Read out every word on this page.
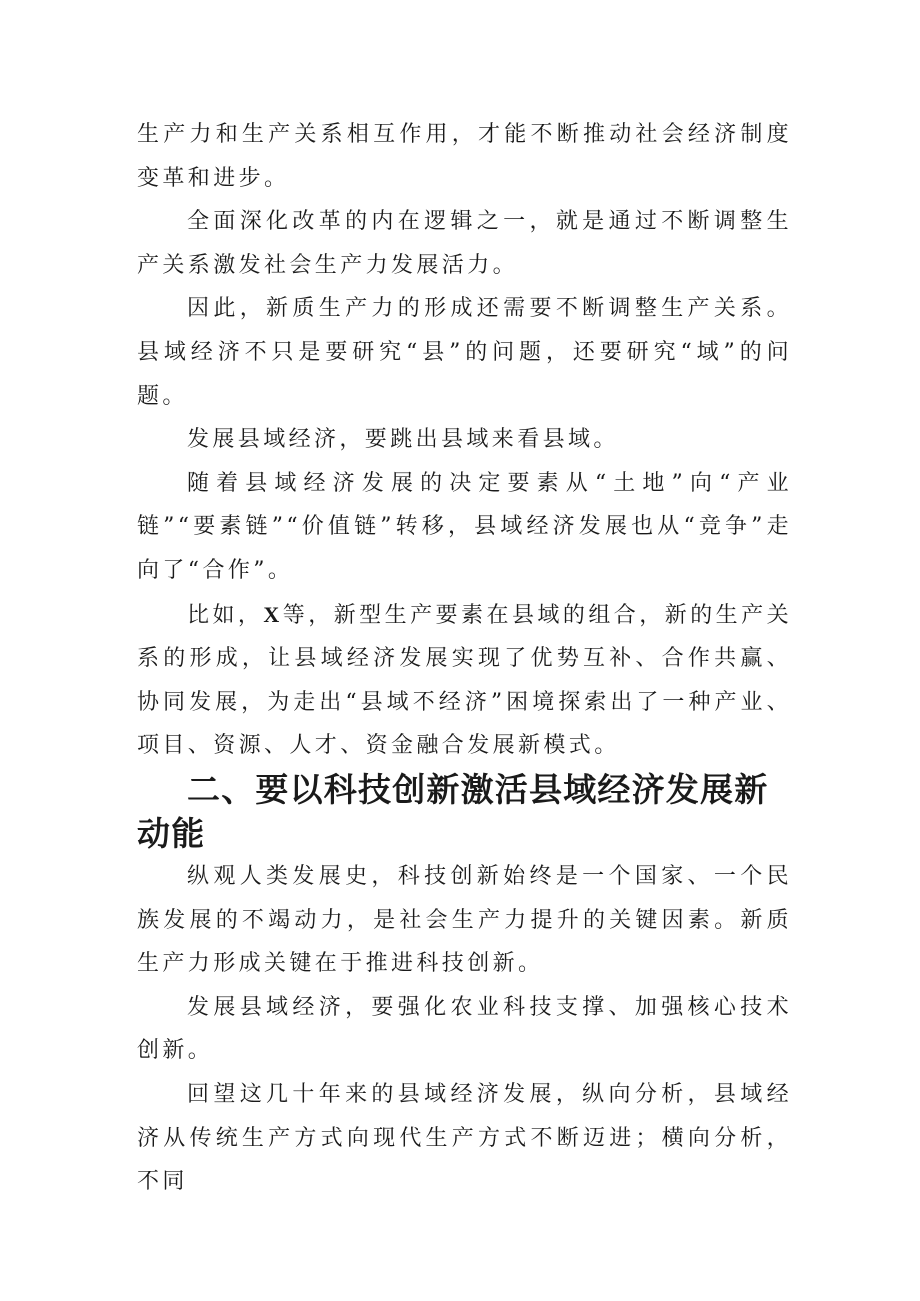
生产力和生产关系相互作用，才能不断推动社会经济制度变革和进步。

全面深化改革的内在逻辑之一，就是通过不断调整生产关系激发社会生产力发展活力。

因此，新质生产力的形成还需要不断调整生产关系。县域经济不只是要研究“县”的问题，还要研究“域”的问题。

发展县域经济，要跳出县域来看县域。

随着县域经济发展的决定要素从“土地”向“产业链”“要素链”“价值链”转移，县域经济发展也从“竞争”走向了“合作”。

比如，X等，新型生产要素在县域的组合，新的生产关系的形成，让县域经济发展实现了优势互补、合作共赢、协同发展，为走出“县域不经济”困境探索出了一种产业、项目、资源、人才、资金融合发展新模式。

二、要以科技创新激活县域经济发展新动能

纵观人类发展史，科技创新始终是一个国家、一个民族发展的不竭动力，是社会生产力提升的关键因素。新质生产力形成关键在于推进科技创新。

发展县域经济，要强化农业科技支撑、加强核心技术创新。

回望这几十年来的县域经济发展，纵向分析，县域经济从传统生产方式向现代生产方式不断迈进；横向分析，不同
